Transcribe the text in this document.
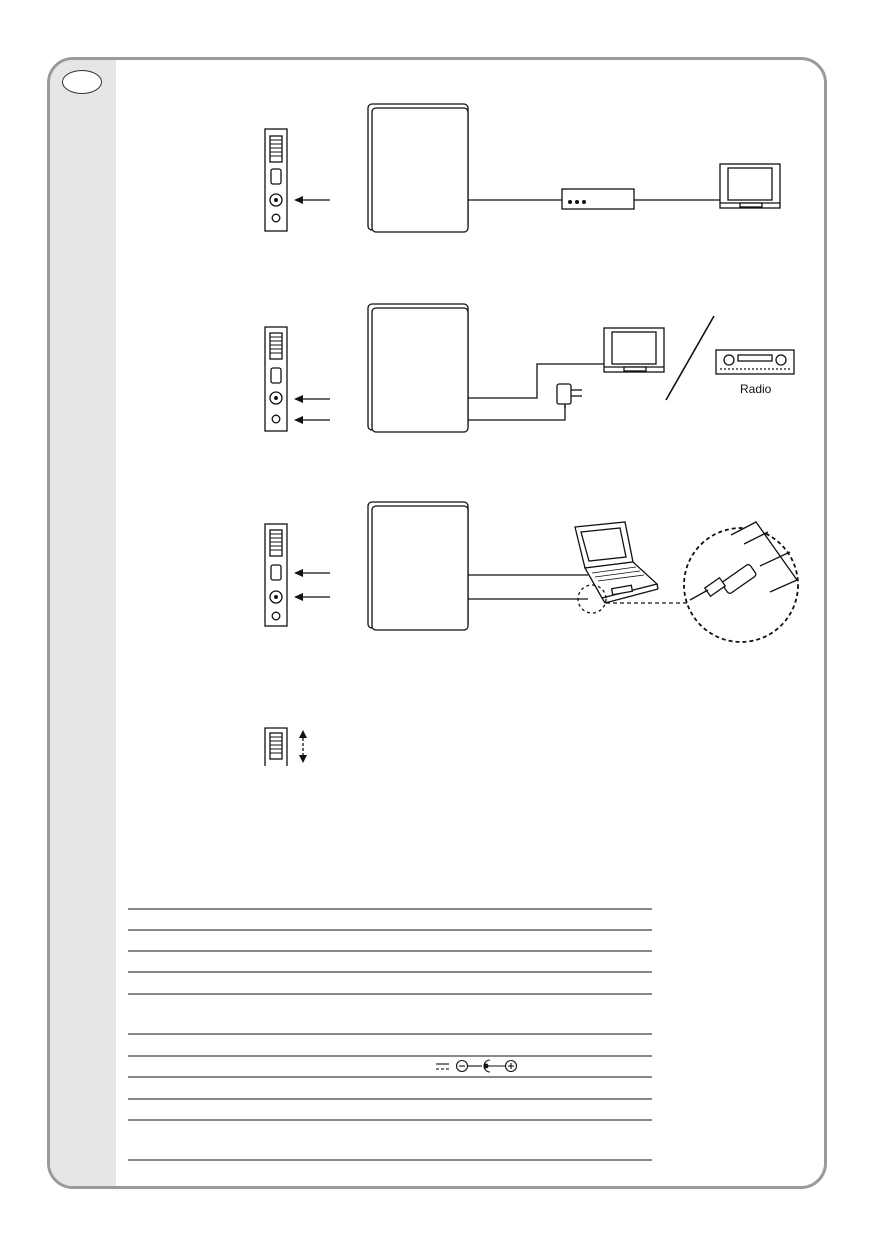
Radio
